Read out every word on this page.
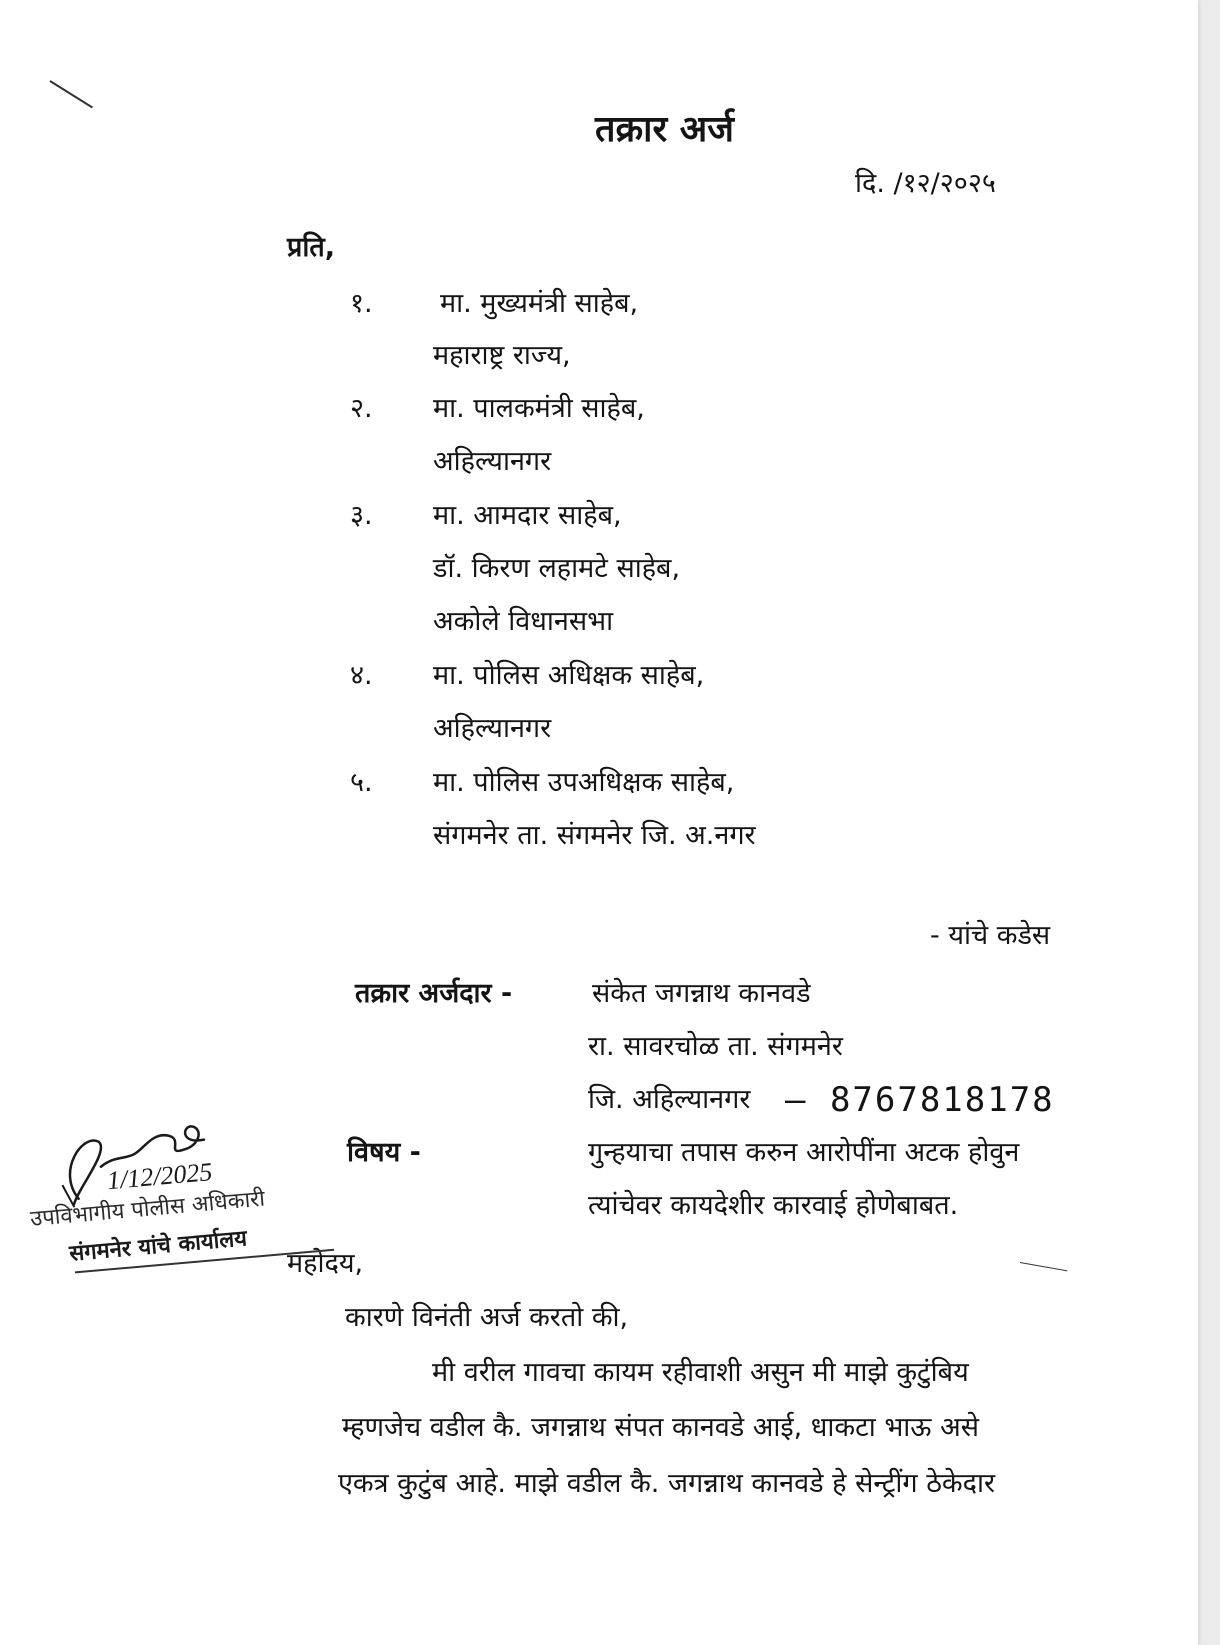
तक्रार अर्ज
दि. /१२/२०२५
प्रति,
१. मा. मुख्यमंत्री साहेब,
महाराष्ट्र राज्य,
२. मा. पालकमंत्री साहेब,
अहिल्यानगर
३. मा. आमदार साहेब,
डॉ. किरण लहामटे साहेब,
अकोले विधानसभा
४. मा. पोलिस अधिक्षक साहेब,
अहिल्यानगर
५. मा. पोलिस उपअधिक्षक साहेब,
संगमनेर ता. संगमनेर जि. अ.नगर
- यांचे कडेस
तक्रार अर्जदार -	संकेत जगन्नाथ कानवडे
रा. सावरचोळ ता. संगमनेर
जि. अहिल्यानगर – 8767818178
विषय -	गुन्हयाचा तपास करुन आरोपींना अटक होवुन
त्यांचेवर कायदेशीर कारवाई होणेबाबत.
महोदय,
कारणे विनंती अर्ज करतो की,
मी वरील गावचा कायम रहीवाशी असुन मी माझे कुटुंबिय
म्हणजेच वडील कै. जगन्नाथ संपत कानवडे आई, धाकटा भाऊ असे
एकत्र कुटुंब आहे. माझे वडील कै. जगन्नाथ कानवडे हे सेन्ट्रींग ठेकेदार
1/12/2025
उपविभागीय पोलीस अधिकारी
संगमनेर यांचे कार्यालय
